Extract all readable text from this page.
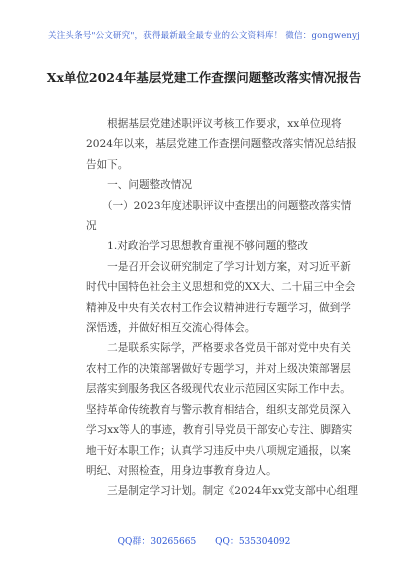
关注头条号"公文研究"，获得最新最全最专业的公文资料库！ 微信：gongwenyj
Xx单位2024年基层党建工作查摆问题整改落实情况报告
　　根据基层党建述职评议考核工作要求，xx单位现将
2024年以来，基层党建工作查摆问题整改落实情况总结报
告如下。
　　一、问题整改情况
　　（一）2023年度述职评议中查摆出的问题整改落实情
况
　　1.对政治学习思想教育重视不够问题的整改
　　一是召开会议研究制定了学习计划方案，对习近平新
时代中国特色社会主义思想和党的XX大、二十届三中全会
精神及中央有关农村工作会议精神进行专题学习，做到学
深悟透，并做好相互交流心得体会。
　　二是联系实际学，严格要求各党员干部对党中央有关
农村工作的决策部署做好专题学习，并对上级决策部署层
层落实到服务我区各级现代农业示范园区实际工作中去。
坚持革命传统教育与警示教育相结合，组织支部党员深入
学习xx等人的事迹，教育引导党员干部安心专注、脚踏实
地干好本职工作；认真学习违反中央八项规定通报，以案
明纪、对照检查，用身边事教育身边人。
　　三是制定学习计划。制定《2024年xx党支部中心组理
QQ群：30265665 QQ：535304092
